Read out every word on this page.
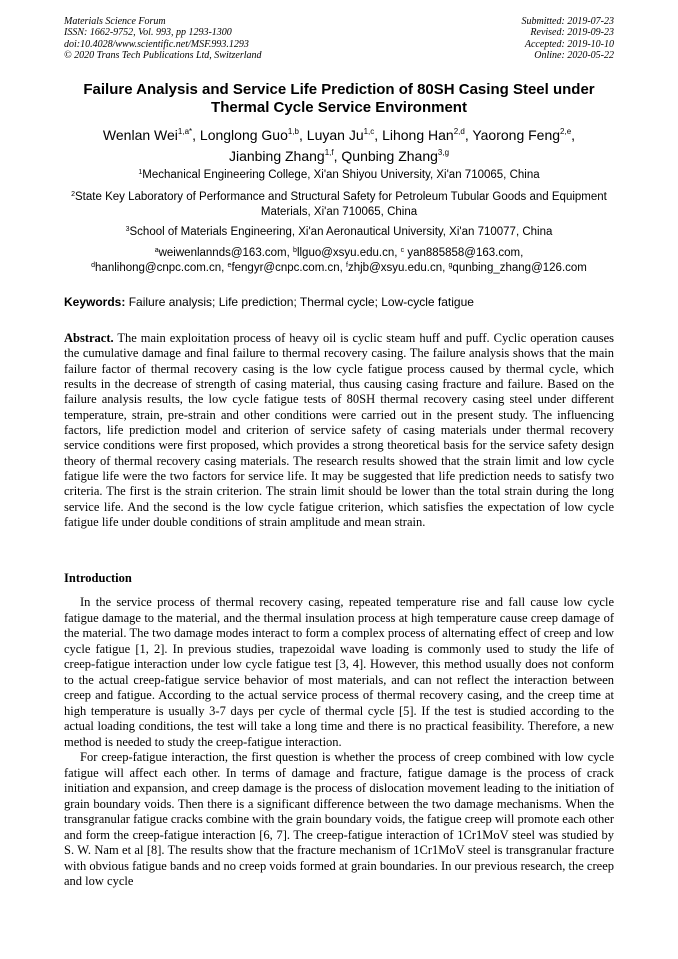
Materials Science Forum
ISSN: 1662-9752, Vol. 993, pp 1293-1300
doi:10.4028/www.scientific.net/MSF.993.1293
© 2020 Trans Tech Publications Ltd, Switzerland
Submitted: 2019-07-23
Revised: 2019-09-23
Accepted: 2019-10-10
Online: 2020-05-22
Failure Analysis and Service Life Prediction of 80SH Casing Steel under
Thermal Cycle Service Environment
Wenlan Wei$^{1,a*}$, Longlong Guo$^{1,b}$, Luyan Ju$^{1,c}$, Lihong Han$^{2,d}$, Yaorong Feng$^{2,e}$,
Jianbing Zhang$^{1,f}$, Qunbing Zhang$^{3,g}$
$^1$Mechanical Engineering College, Xi'an Shiyou University, Xi'an 710065, China
$^2$State Key Laboratory of Performance and Structural Safety for Petroleum Tubular Goods and Equipment Materials, Xi'an 710065, China
$^3$School of Materials Engineering, Xi'an Aeronautical University, Xi'an 710077, China
$^a$weiwenlannds@163.com, $^b$llguo@xsyu.edu.cn, $^c$ yan885858@163.com,
$^d$hanlihong@cnpc.com.cn, $^e$fengyr@cnpc.com.cn, $^f$zhjb@xsyu.edu.cn, $^g$qunbing_zhang@126.com
Keywords: Failure analysis; Life prediction; Thermal cycle; Low-cycle fatigue
Abstract. The main exploitation process of heavy oil is cyclic steam huff and puff. Cyclic operation causes the cumulative damage and final failure to thermal recovery casing. The failure analysis shows that the main failure factor of thermal recovery casing is the low cycle fatigue process caused by thermal cycle, which results in the decrease of strength of casing material, thus causing casing fracture and failure. Based on the failure analysis results, the low cycle fatigue tests of 80SH thermal recovery casing steel under different temperature, strain, pre-strain and other conditions were carried out in the present study. The influencing factors, life prediction model and criterion of service safety of casing materials under thermal recovery service conditions were first proposed, which provides a strong theoretical basis for the service safety design theory of thermal recovery casing materials. The research results showed that the strain limit and low cycle fatigue life were the two factors for service life. It may be suggested that life prediction needs to satisfy two criteria. The first is the strain criterion. The strain limit should be lower than the total strain during the long service life. And the second is the low cycle fatigue criterion, which satisfies the expectation of low cycle fatigue life under double conditions of strain amplitude and mean strain.
Introduction

In the service process of thermal recovery casing, repeated temperature rise and fall cause low cycle fatigue damage to the material, and the thermal insulation process at high temperature cause creep damage of the material. The two damage modes interact to form a complex process of alternating effect of creep and low cycle fatigue [1, 2]. In previous studies, trapezoidal wave loading is commonly used to study the life of creep-fatigue interaction under low cycle fatigue test [3, 4]. However, this method usually does not conform to the actual creep-fatigue service behavior of most materials, and can not reflect the interaction between creep and fatigue. According to the actual service process of thermal recovery casing, and the creep time at high temperature is usually 3-7 days per cycle of thermal cycle [5]. If the test is studied according to the actual loading conditions, the test will take a long time and there is no practical feasibility. Therefore, a new method is needed to study the creep-fatigue interaction.

For creep-fatigue interaction, the first question is whether the process of creep combined with low cycle fatigue will affect each other. In terms of damage and fracture, fatigue damage is the process of crack initiation and expansion, and creep damage is the process of dislocation movement leading to the initiation of grain boundary voids. Then there is a significant difference between the two damage mechanisms. When the transgranular fatigue cracks combine with the grain boundary voids, the fatigue creep will promote each other and form the creep-fatigue interaction [6, 7]. The creep-fatigue interaction of 1Cr1MoV steel was studied by S. W. Nam et al [8]. The results show that the fracture mechanism of 1Cr1MoV steel is transgranular fracture with obvious fatigue bands and no creep voids formed at grain boundaries. In our previous research, the creep and low cycle
